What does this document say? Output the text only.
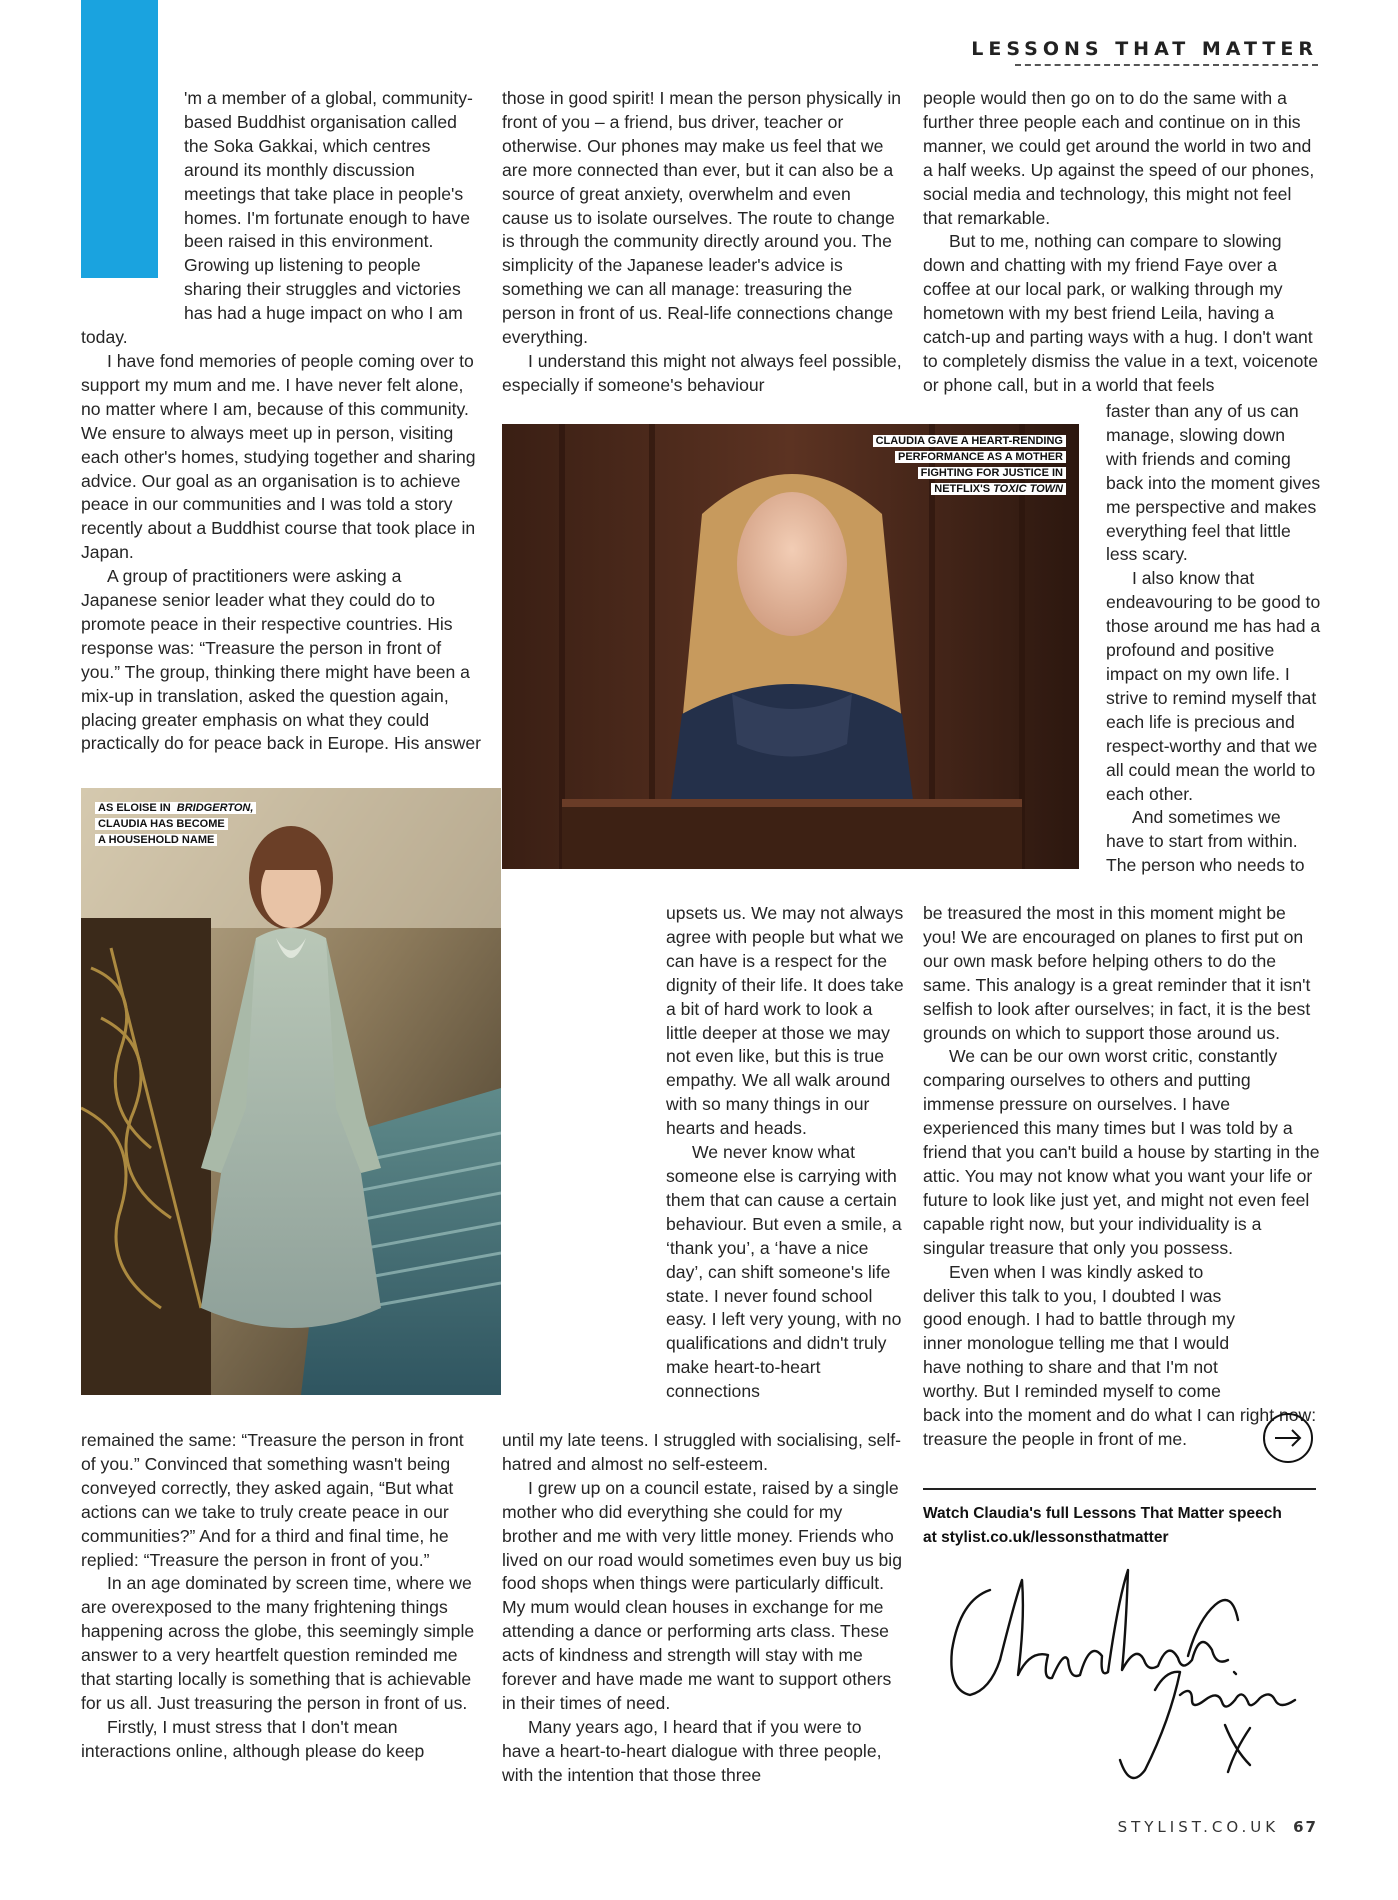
LESSONS THAT MATTER

'm a member of a global, community-based Buddhist organisation called the Soka Gakkai, which centres around its monthly discussion meetings that take place in people's homes. I'm fortunate enough to have been raised in this environment. Growing up listening to people sharing their struggles and victories has had a huge impact on who I am today.

I have fond memories of people coming over to support my mum and me. I have never felt alone, no matter where I am, because of this community. We ensure to always meet up in person, visiting each other's homes, studying together and sharing advice. Our goal as an organisation is to achieve peace in our communities and I was told a story recently about a Buddhist course that took place in Japan.

A group of practitioners were asking a Japanese senior leader what they could do to promote peace in their respective countries. His response was: “Treasure the person in front of you.” The group, thinking there might have been a mix-up in translation, asked the question again, placing greater emphasis on what they could practically do for peace back in Europe. His answer

AS ELOISE IN BRIDGERTON,
CLAUDIA HAS BECOME
A HOUSEHOLD NAME

remained the same: “Treasure the person in front of you.” Convinced that something wasn't being conveyed correctly, they asked again, “But what actions can we take to truly create peace in our communities?” And for a third and final time, he replied: “Treasure the person in front of you.”

In an age dominated by screen time, where we are overexposed to the many frightening things happening across the globe, this seemingly simple answer to a very heartfelt question reminded me that starting locally is something that is achievable for us all. Just treasuring the person in front of us.

Firstly, I must stress that I don't mean interactions online, although please do keep

those in good spirit! I mean the person physically in front of you – a friend, bus driver, teacher or otherwise. Our phones may make us feel that we are more connected than ever, but it can also be a source of great anxiety, overwhelm and even cause us to isolate ourselves. The route to change is through the community directly around you. The simplicity of the Japanese leader's advice is something we can all manage: treasuring the person in front of us. Real-life connections change everything.

I understand this might not always feel possible, especially if someone's behaviour

CLAUDIA GAVE A HEART-RENDING
PERFORMANCE AS A MOTHER
FIGHTING FOR JUSTICE IN
NETFLIX'S TOXIC TOWN

upsets us. We may not always agree with people but what we can have is a respect for the dignity of their life. It does take a bit of hard work to look a little deeper at those we may not even like, but this is true empathy. We all walk around with so many things in our hearts and heads.

We never know what someone else is carrying with them that can cause a certain behaviour. But even a smile, a ‘thank you’, a ‘have a nice day’, can shift someone's life state. I never found school easy. I left very young, with no qualifications and didn't truly make heart-to-heart connections

until my late teens. I struggled with socialising, self-hatred and almost no self-esteem.

I grew up on a council estate, raised by a single mother who did everything she could for my brother and me with very little money. Friends who lived on our road would sometimes even buy us big food shops when things were particularly difficult. My mum would clean houses in exchange for me attending a dance or performing arts class. These acts of kindness and strength will stay with me forever and have made me want to support others in their times of need.

Many years ago, I heard that if you were to have a heart-to-heart dialogue with three people, with the intention that those three

people would then go on to do the same with a further three people each and continue on in this manner, we could get around the world in two and a half weeks. Up against the speed of our phones, social media and technology, this might not feel that remarkable.

But to me, nothing can compare to slowing down and chatting with my friend Faye over a coffee at our local park, or walking through my hometown with my best friend Leila, having a catch-up and parting ways with a hug. I don't want to completely dismiss the value in a text, voicenote or phone call, but in a world that feels

faster than any of us can manage, slowing down with friends and coming back into the moment gives me perspective and makes everything feel that little less scary.

I also know that endeavouring to be good to those around me has had a profound and positive impact on my own life. I strive to remind myself that each life is precious and respect-worthy and that we all could mean the world to each other.

And sometimes we have to start from within. The person who needs to

be treasured the most in this moment might be you! We are encouraged on planes to first put on our own mask before helping others to do the same. This analogy is a great reminder that it isn't selfish to look after ourselves; in fact, it is the best grounds on which to support those around us.

We can be our own worst critic, constantly comparing ourselves to others and putting immense pressure on ourselves. I have experienced this many times but I was told by a friend that you can't build a house by starting in the attic. You may not know what you want your life or future to look like just yet, and might not even feel capable right now, but your individuality is a singular treasure that only you possess.

Even when I was kindly asked to deliver this talk to you, I doubted I was good enough. I had to battle through my inner monologue telling me that I would have nothing to share and that I'm not worthy. But I reminded myself to come back into the moment and do what I can right now: treasure the people in front of me.

Watch Claudia's full Lessons That Matter speech
at stylist.co.uk/lessonsthatmatter
STYLIST.CO.UK 67
